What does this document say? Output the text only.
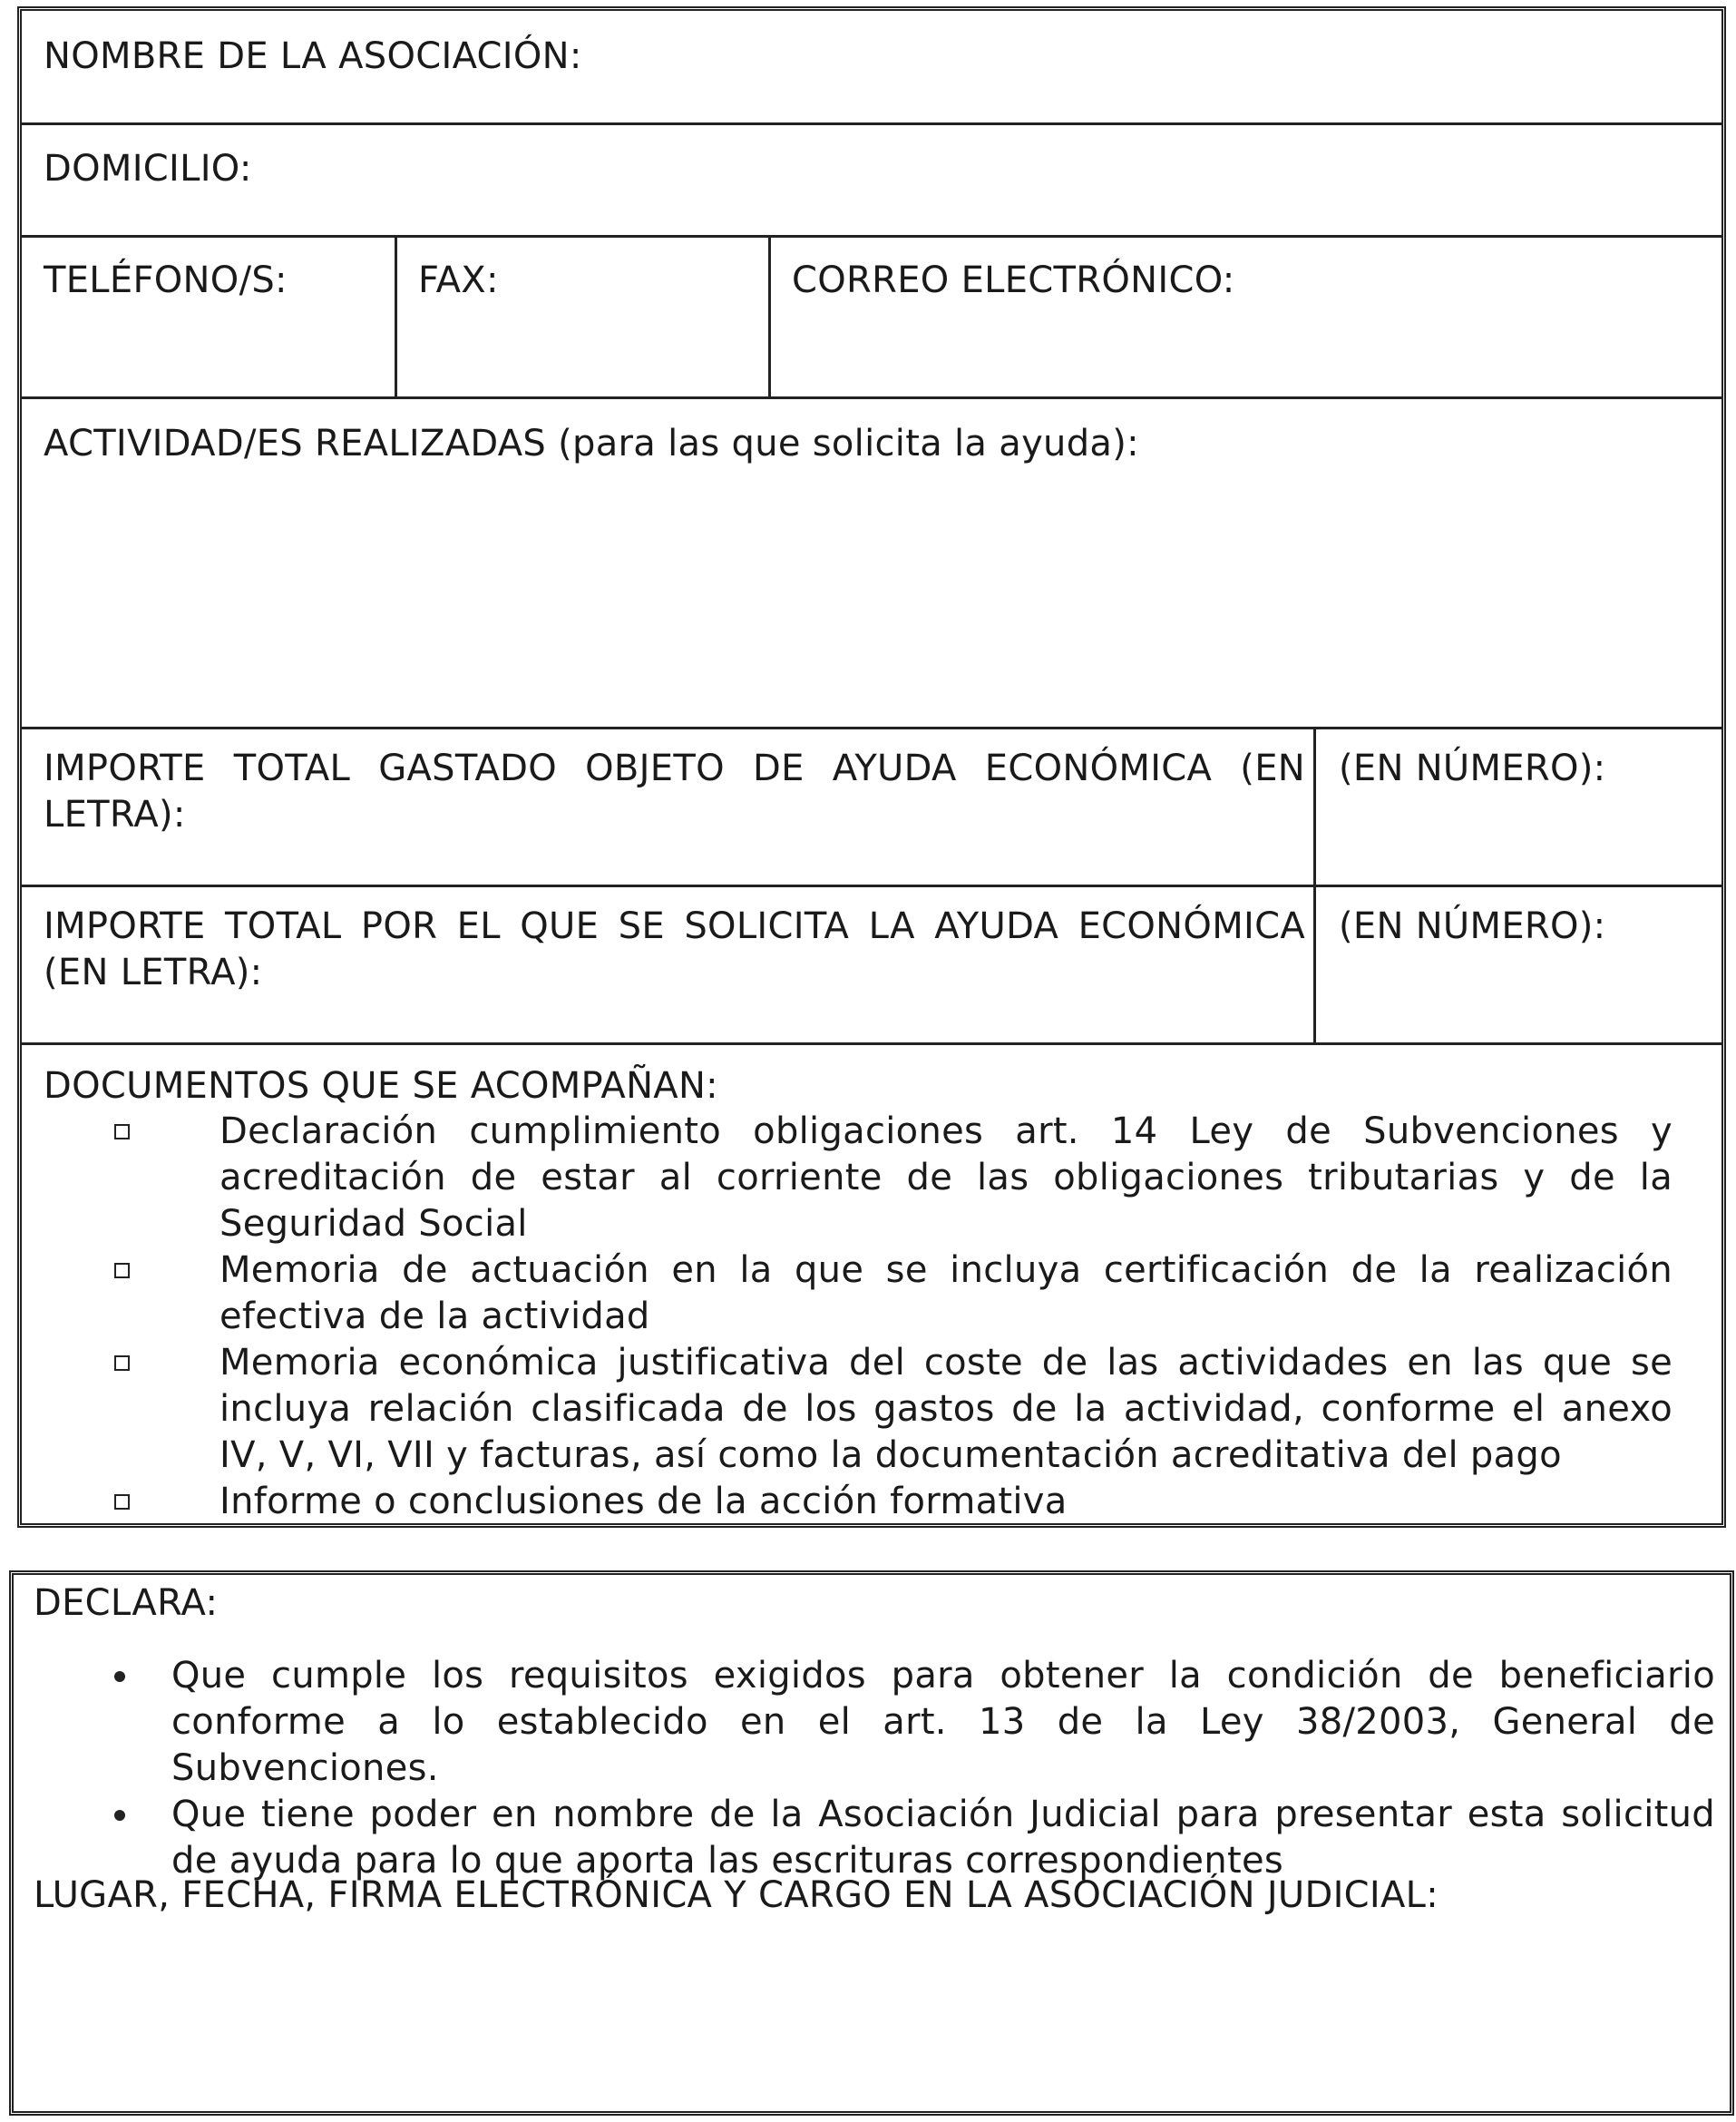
NOMBRE DE LA ASOCIACIÓN:
DOMICILIO:
TELÉFONO/S:	FAX:	CORREO ELECTRÓNICO:
ACTIVIDAD/ES REALIZADAS (para las que solicita la ayuda):
IMPORTE TOTAL GASTADO OBJETO DE AYUDA ECONÓMICA (EN LETRA):
(EN NÚMERO):
IMPORTE TOTAL POR EL QUE SE SOLICITA LA AYUDA ECONÓMICA (EN LETRA):
(EN NÚMERO):
DOCUMENTOS QUE SE ACOMPAÑAN:
Declaración cumplimiento obligaciones art. 14 Ley de Subvenciones y acreditación de estar al corriente de las obligaciones tributarias y de la Seguridad Social
Memoria de actuación en la que se incluya certificación de la realización efectiva de la actividad
Memoria económica justificativa del coste de las actividades en las que se incluya relación clasificada de los gastos de la actividad, conforme el anexo IV, V, VI, VII y facturas, así como la documentación acreditativa del pago
Informe o conclusiones de la acción formativa
DECLARA:
Que cumple los requisitos exigidos para obtener la condición de beneficiario conforme a lo establecido en el art. 13 de la Ley 38/2003, General de Subvenciones.
Que tiene poder en nombre de la Asociación Judicial para presentar esta solicitud de ayuda para lo que aporta las escrituras correspondientes
LUGAR, FECHA, FIRMA ELECTRÓNICA Y CARGO EN LA ASOCIACIÓN JUDICIAL:
